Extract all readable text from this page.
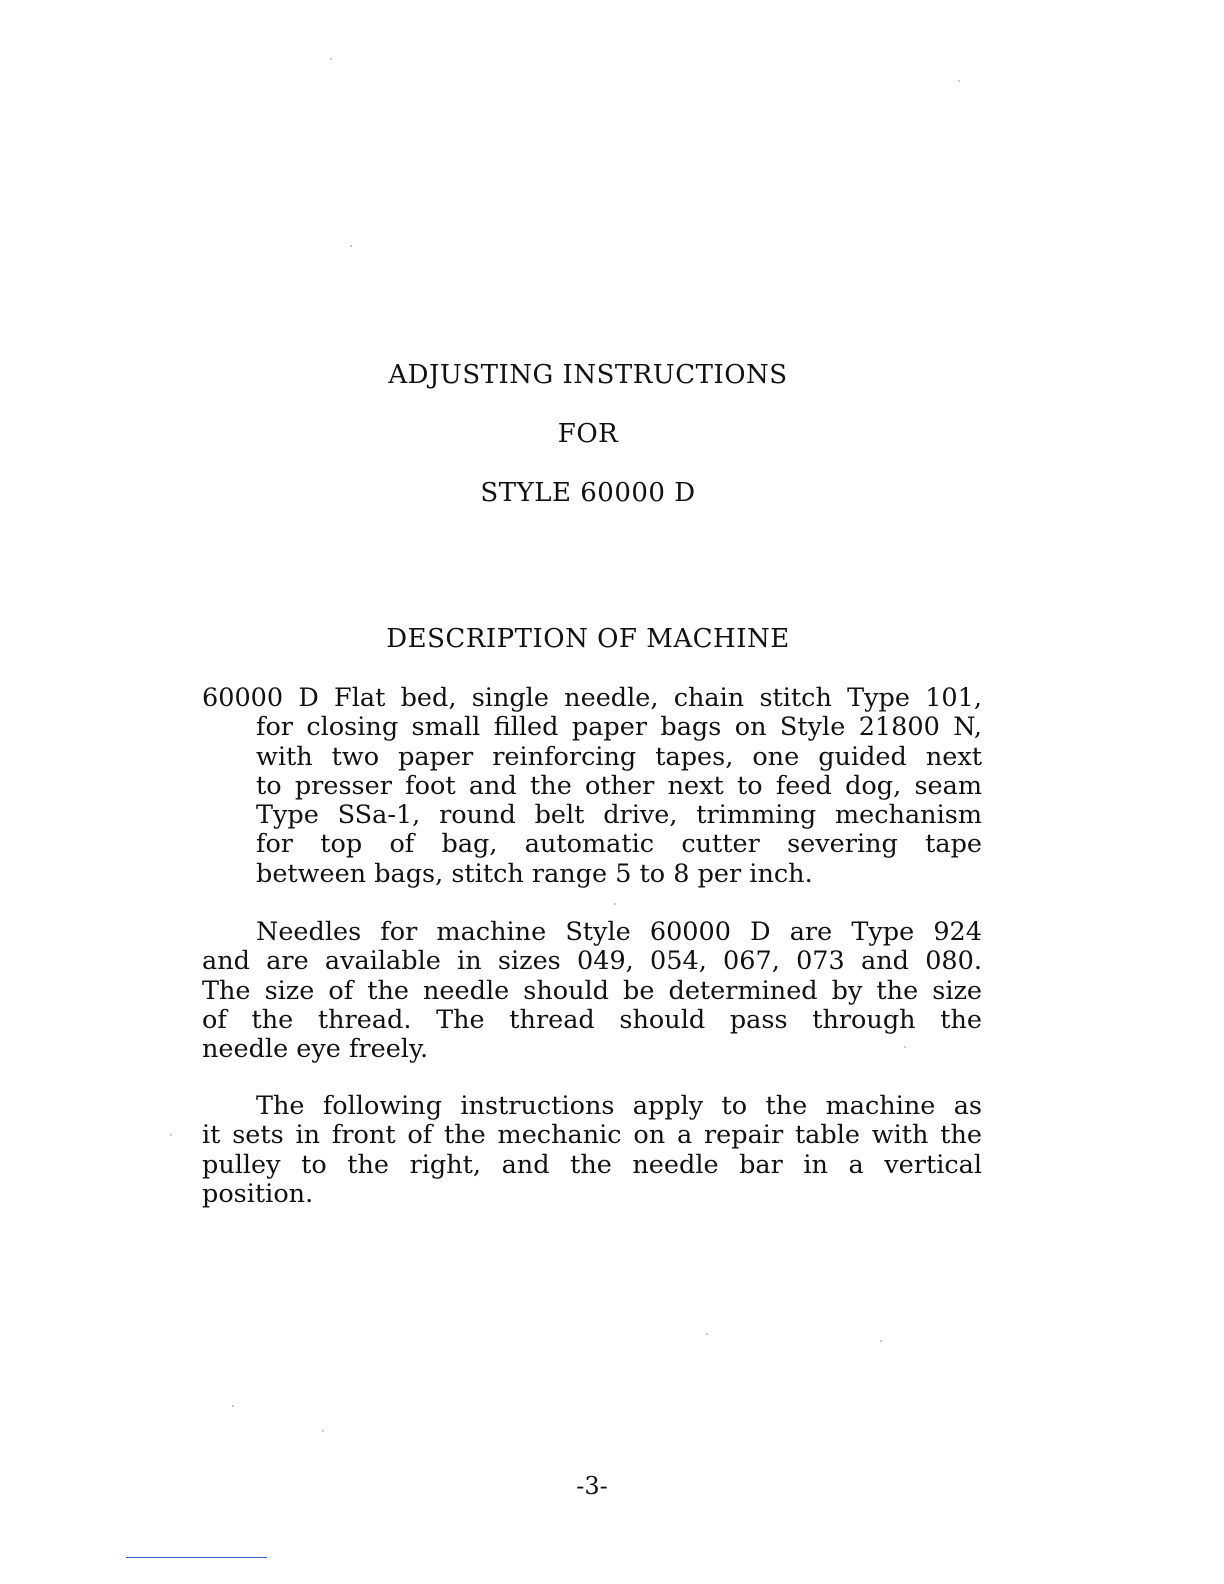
ADJUSTING INSTRUCTIONS
FOR
STYLE 60000 D
DESCRIPTION OF MACHINE
60000 D Flat bed, single needle, chain stitch Type 101,
for closing small filled paper bags on Style 21800 N,
with two paper reinforcing tapes, one guided next
to presser foot and the other next to feed dog, seam
Type SSa-1, round belt drive, trimming mechanism
for top of bag, automatic cutter severing tape
between bags, stitch range 5 to 8 per inch.
Needles for machine Style 60000 D are Type 924
and are available in sizes 049, 054, 067, 073 and 080.
The size of the needle should be determined by the size
of the thread. The thread should pass through the
needle eye freely.
The following instructions apply to the machine as
it sets in front of the mechanic on a repair table with the
pulley to the right, and the needle bar in a vertical
position.
-3-
